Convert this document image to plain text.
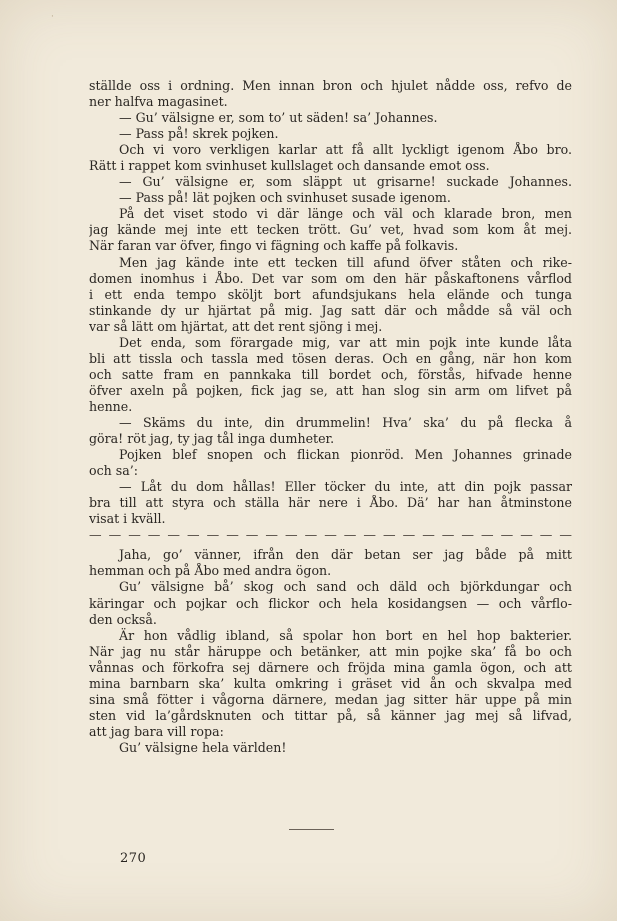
·
ställde oss i ordning. Men innan bron och hjulet nådde oss, refvo de
ner halfva magasinet.
— Gu’ välsigne er, som to’ ut säden! sa’ Johannes.
— Pass på! skrek pojken.
Och vi voro verkligen karlar att få allt lyckligt igenom Åbo bro.
Rätt i rappet kom svinhuset kullslaget och dansande emot oss.
— Gu’ välsigne er, som släppt ut grisarne! suckade Johannes.
— Pass på! lät pojken och svinhuset susade igenom.
På det viset stodo vi där länge och väl och klarade bron, men
jag kände mej inte ett tecken trött. Gu’ vet, hvad som kom åt mej.
När faran var öfver, fingo vi fägning och kaffe på folkavis.
Men jag kände inte ett tecken till afund öfver ståten och rike-
domen inomhus i Åbo. Det var som om den här påskaftonens vårflod
i ett enda tempo sköljt bort afundsjukans hela elände och tunga
stinkande dy ur hjärtat på mig. Jag satt där och mådde så väl och
var så lätt om hjärtat, att det rent sjöng i mej.
Det enda, som förargade mig, var att min pojk inte kunde låta
bli att tissla och tassla med tösen deras. Och en gång, när hon kom
och satte fram en pannkaka till bordet och, förstås, hifvade henne
öfver axeln på pojken, fick jag se, att han slog sin arm om lifvet på
henne.
— Skäms du inte, din drummelin! Hva’ ska’ du på flecka å
göra! röt jag, ty jag tål inga dumheter.
Pojken blef snopen och flickan pionröd. Men Johannes grinade
och sa’:
— Låt du dom hållas! Eller töcker du inte, att din pojk passar
bra till att styra och ställa här nere i Åbo. Dä’ har han åtminstone
visat i kväll.
— — — — — — — — — — — — — — — — — — — — — — — — —
Jaha, go’ vänner, ifrån den där betan ser jag både på mitt
hemman och på Åbo med andra ögon.
Gu’ välsigne bå’ skog och sand och däld och björkdungar och
käringar och pojkar och flickor och hela kosidangsen — och vårflo-
den också.
Är hon vådlig ibland, så spolar hon bort en hel hop bakterier.
När jag nu står häruppe och betänker, att min pojke ska’ få bo och
vånnas och förkofra sej därnere och fröjda mina gamla ögon, och att
mina barnbarn ska’ kulta omkring i gräset vid ån och skvalpa med
sina små fötter i vågorna därnere, medan jag sitter här uppe på min
sten vid la’gårdsknuten och tittar på, så känner jag mej så lifvad,
att jag bara vill ropa:
Gu’ välsigne hela världen!
270
